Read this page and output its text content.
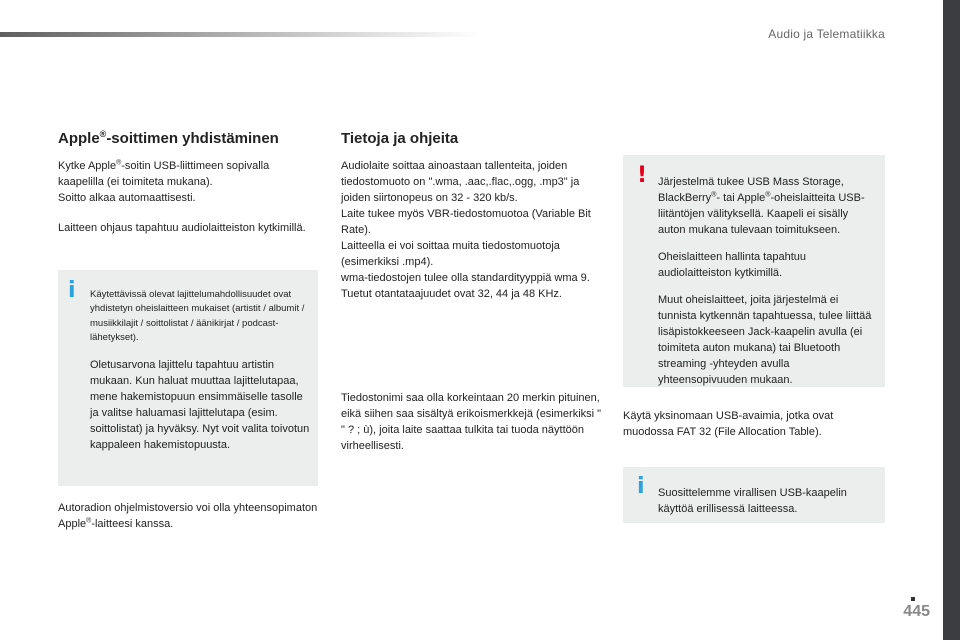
Audio ja Telematiikka
Apple®-soittimen yhdistäminen

Kytke Apple®-soitin USB-liittimeen sopivalla kaapelilla (ei toimiteta mukana).
Soitto alkaa automaattisesti.

Laitteen ohjaus tapahtuu audiolaitteiston kytkimillä.

i Käytettävissä olevat lajittelumahdollisuudet ovat yhdistetyn oheislaitteen mukaiset (artistit / albumit / musiikkilajit / soittolistat / äänikirjat / podcast-lähetykset).

Oletusarvona lajittelu tapahtuu artistin mukaan. Kun haluat muuttaa lajittelutapaa, mene hakemistopuun ensimmäiselle tasolle ja valitse haluamasi lajittelutapa (esim. soittolistat) ja hyväksy. Nyt voit valita toivotun kappaleen hakemistopuusta.

Autoradion ohjelmistoversio voi olla yhteensopimaton Apple®-laitteesi kanssa.

Tietoja ja ohjeita

Audiolaite soittaa ainoastaan tallenteita, joiden tiedostomuoto on ".wma, .aac,.flac,.ogg, .mp3" ja joiden siirtonopeus on 32 - 320 kb/s.

Laite tukee myös VBR-tiedostomuotoa (Variable Bit Rate).

Laitteella ei voi soittaa muita tiedostomuotoja (esimerkiksi .mp4).

wma-tiedostojen tulee olla standardityyppiä wma 9.

Tuetut otantataajuudet ovat 32, 44 ja 48 KHz.

Tiedostonimi saa olla korkeintaan 20 merkin pituinen, eikä siihen saa sisältyä erikoismerkkejä (esimerkiksi " " ? ; ù), joita laite saattaa tulkita tai tuoda näyttöön virheellisesti.

! Järjestelmä tukee USB Mass Storage, BlackBerry®- tai Apple®-oheislaitteita USB-liitäntöjen välityksellä. Kaapeli ei sisälly auton mukana tulevaan toimitukseen.

Oheislaitteen hallinta tapahtuu audiolaitteiston kytkimillä.

Muut oheislaitteet, joita järjestelmä ei tunnista kytkennän tapahtuessa, tulee liittää lisäpistokkeeseen Jack-kaapelin avulla (ei toimiteta auton mukana) tai Bluetooth streaming -yhteyden avulla yhteensopivuuden mukaan.

Käytä yksinomaan USB-avaimia, jotka ovat muodossa FAT 32 (File Allocation Table).

i Suosittelemme virallisen USB-kaapelin käyttöä erillisessä laitteessa.

445
